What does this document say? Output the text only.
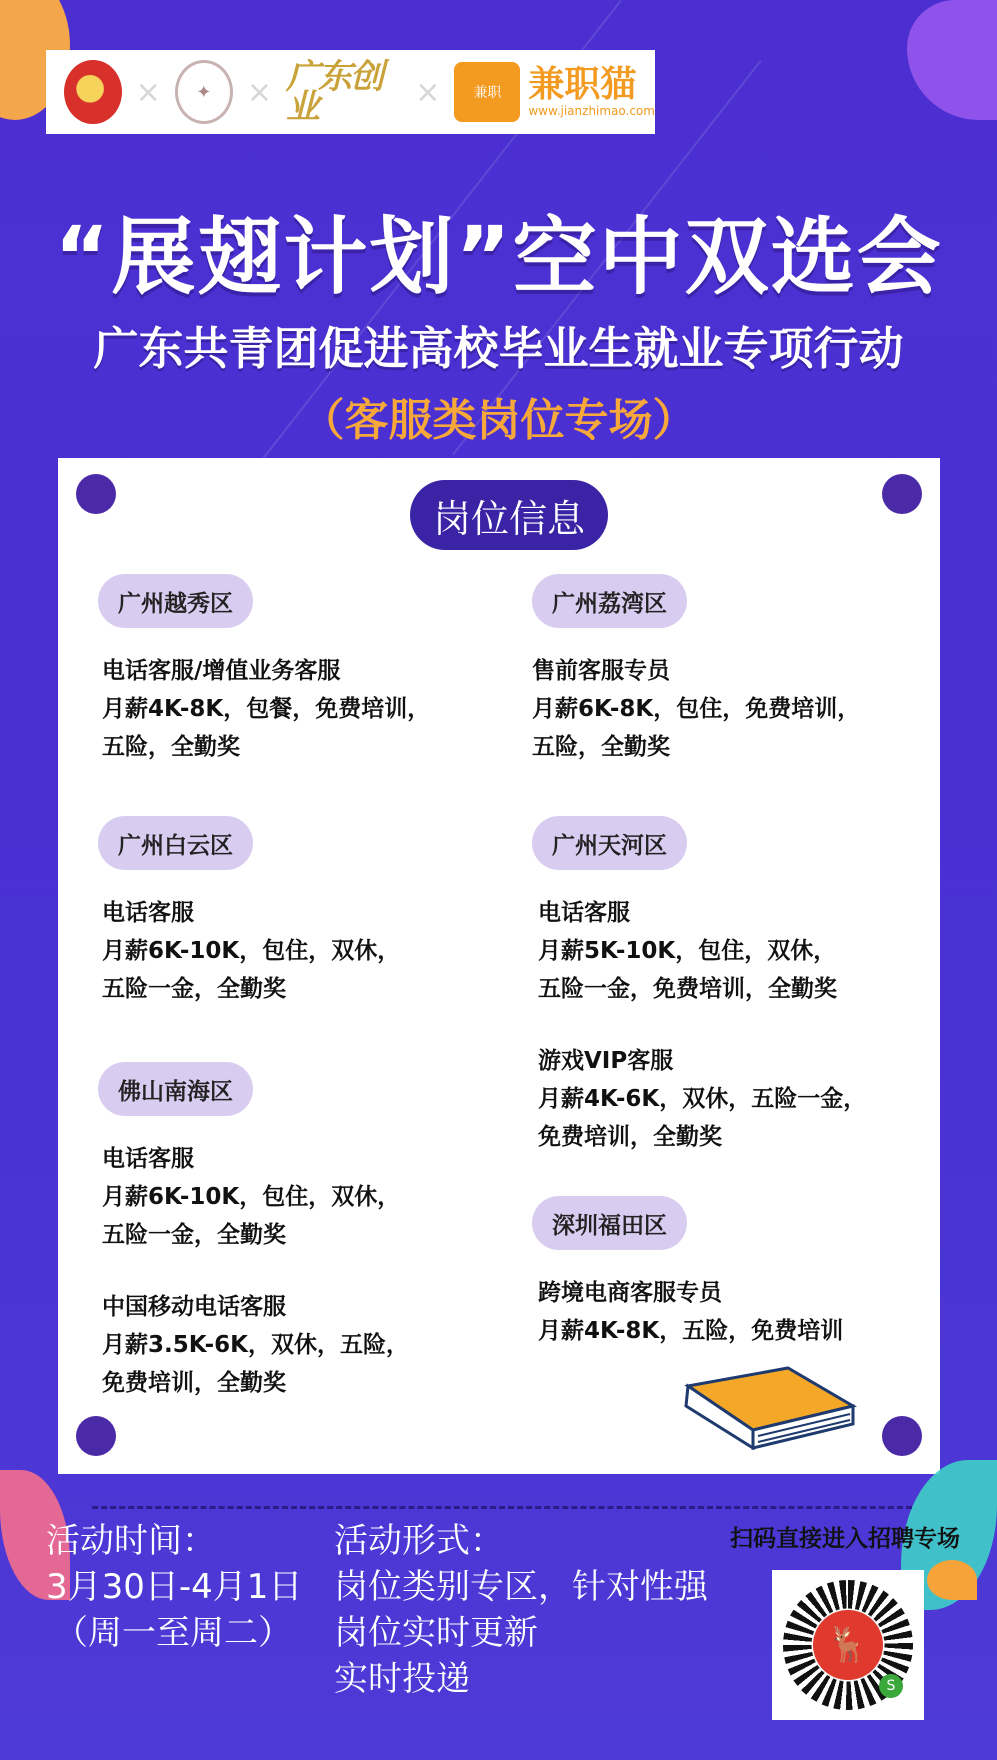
×	✦	× 广东创业	× 兼职 兼职猫
www.jianzhimao.com
“展翅计划”空中双选会
广东共青团促进高校毕业生就业专项行动
（客服类岗位专场）
岗位信息
广州越秀区
电话客服/增值业务客服
月薪4K-8K，包餐，免费培训，
五险，全勤奖
广州白云区
电话客服
月薪6K-10K，包住，双休，
五险一金，全勤奖
佛山南海区
电话客服
月薪6K-10K，包住，双休，
五险一金，全勤奖
中国移动电话客服
月薪3.5K-6K，双休，五险，
免费培训，全勤奖
广州荔湾区
售前客服专员
月薪6K-8K，包住，免费培训，
五险，全勤奖
广州天河区
电话客服
月薪5K-10K，包住，双休，
五险一金，免费培训，全勤奖
游戏VIP客服
月薪4K-6K，双休，五险一金，
免费培训，全勤奖
深圳福田区
跨境电商客服专员
月薪4K-8K，五险，免费培训
活动时间：
3月30日-4月1日
（周一至周二）
活动形式：
岗位类别专区，针对性强
岗位实时更新
实时投递
扫码直接进入招聘专场
🦌
S
